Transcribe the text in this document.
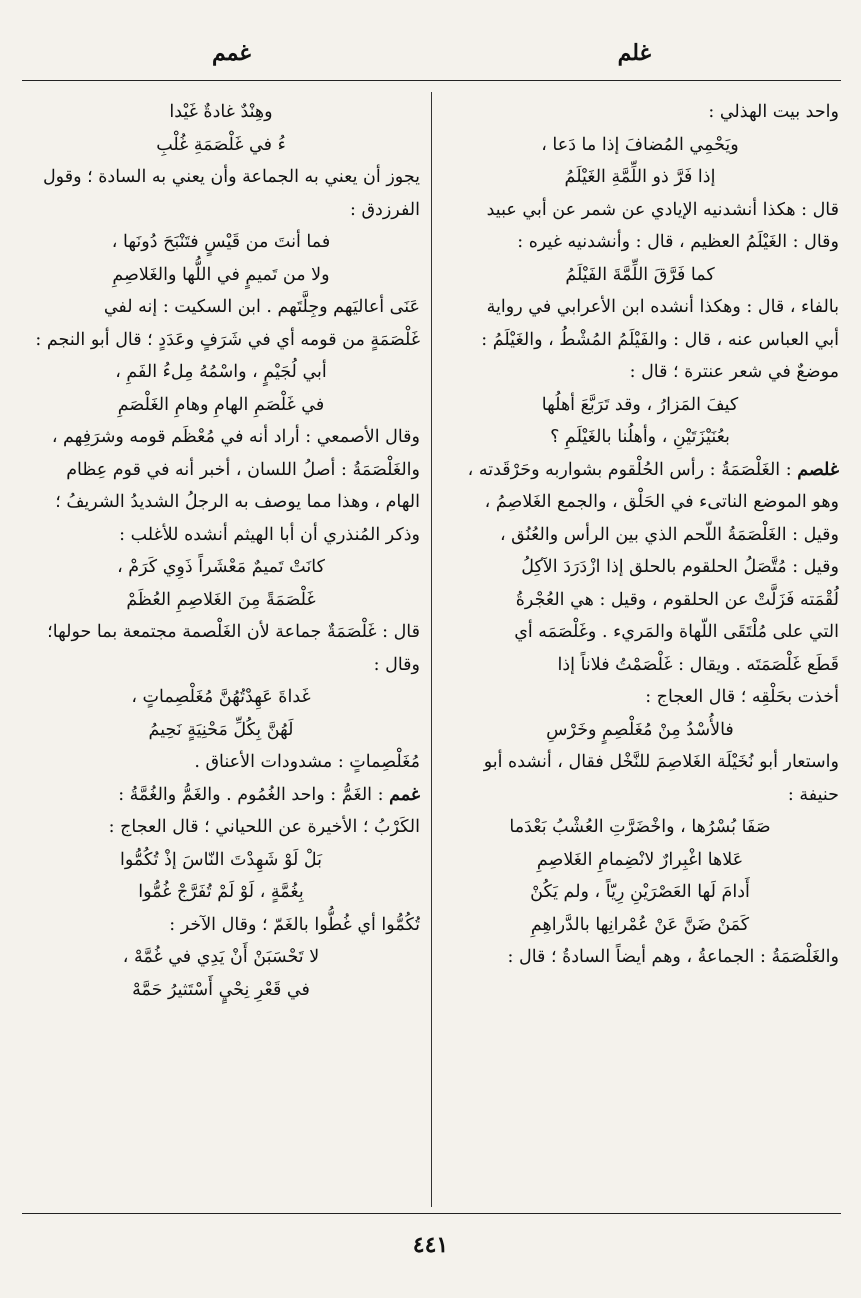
غلم
غمم

واحد بيت الهذلي :

ويَحْمِي المُضافَ إذا ما دَعا ،

إذا فَرَّ ذو اللِّمَّةِ الغَيْلَمُ

قال : هكذا أنشدنيه الإيادي عن شمر عن أبي عبيد

وقال : الغَيْلَمُ العظيم ، قال : وأنشدنيه غيره :

كما فَرَّقَ اللِّمَّةَ الفَيْلَمُ

بالفاء ، قال : وهكذا أنشده ابن الأعرابي في رواية

أبي العباس عنه ، قال : والفَيْلَمُ المُشْطُ ، والغَيْلَمُ :

موضعٌ في شعر عنترة ؛ قال :

كيفَ المَزارُ ، وقد تَرَبَّعَ أهلُها

بعُنَيْزَتَيْنِ ، وأهلُنا بالغَيْلَمِ ؟

غلصم : الغَلْصَمَةُ : رأس الحُلْقوم بشواربه وحَرْقَدته ،

وهو الموضع الناتىء في الحَلْق ، والجمع الغَلاصِمُ ،

وقيل : الغَلْصَمَةُ اللّحم الذي بين الرأس والعُنُق ،

وقيل : مُتَّصَلُ الحلقوم بالحلق إذا ازْدَرَدَ الآكِلُ

لُقْمَته فَزَلَّتْ عن الحلقوم ، وقيل : هي العُجْرةُ

التي على مُلْتَقَى اللّهاة والمَريء . وغَلْصَمَه أي

قَطَع غَلْصَمَتَه . ويقال : غَلْصَمْتُ فلاناً إذا

أخذت بحَلْقِه ؛ قال العجاج :

فالأُسْدُ مِنْ مُغَلْصِمٍ وخَرْسِ

واستعار أبو نُخَيْلَة الغَلاصِمَ للنَّخْل فقال ، أنشده أبو

حنيفة :

صَفَا بُسْرُها ، واخْضَرَّتِ العُشْبُ بَعْدَما

عَلاها اغْبِرارٌ لانْضِمامِ الغَلاصِمِ

أَدامَ لَها العَصْرَيْنِ رِيّاً ، ولم يَكُنْ

كَمَنْ ضَنَّ عَنْ عُمْرانِها بالدَّراهِمِ

والغَلْصَمَةُ : الجماعةُ ، وهم أيضاً السادةُ ؛ قال :

وهِنْدٌ غادةٌ غَيْدا

ءُ في غَلْصَمَةِ غُلْبِ

يجوز أن يعني به الجماعة وأن يعني به السادة ؛ وقول

الفرزدق :

فما أنتَ من قَيْسٍ فتَنْبَحَ دُونَها ،

ولا من تَميمٍ في اللُّها والغَلاصِمِ

عَنَى أعاليَهم وجِلَّتَهم . ابن السكيت : إنه لفي

غَلْصَمَةٍ من قومه أي في شَرَفٍ وعَدَدٍ ؛ قال أبو النجم :

أبي لُجَيْمٍ ، واسْمُهُ مِلءُ الفَمِ ،

في غَلْصَمِ الهامِ وهامِ الغَلْصَمِ

وقال الأصمعي : أراد أنه في مُعْظَم قومه وشرَفِهم ،

والغَلْصَمَةُ : أصلُ اللسان ، أخبر أنه في قوم عِظام

الهام ، وهذا مما يوصف به الرجلُ الشديدُ الشريفُ ؛

وذكر المُنذري أن أبا الهيثم أنشده للأغلب :

كانَتْ تَميمٌ مَعْشَراً ذَوِي كَرَمْ ،

غَلْصَمَةً مِنَ الغَلاصِمِ العُظَمْ

قال : غَلْصَمَةٌ جماعة لأن الغَلْصمة مجتمعة بما حولها؛

وقال :

غَداةَ عَهِدْتُهُنَّ مُغَلْصِماتٍ ،

لَهُنَّ بِكُلِّ مَحْنِيَةٍ نَحِيمُ

مُغَلْصِماتٍ : مشدودات الأعناق .

غمم : الغَمُّ : واحد الغُمُوم . والغَمُّ والغُمَّةُ :

الكَرْبُ ؛ الأخيرة عن اللحياني ؛ قال العجاج :

بَلْ لَوْ شَهِدْتَ النّاسَ إذْ تُكُمُّوا

بِغُمَّةٍ ، لَوْ لَمْ تُفَرَّجْ غُمُّوا

تُكُمُّوا أي غُطُّوا بالغَمّ ؛ وقال الآخر :

لا تَحْسَبَنْ أَنْ يَدِي في غُمَّهْ ،

في قَعْرِ نِحْيٍ أَسْتَثيرُ حَمَّهْ

٤٤١
